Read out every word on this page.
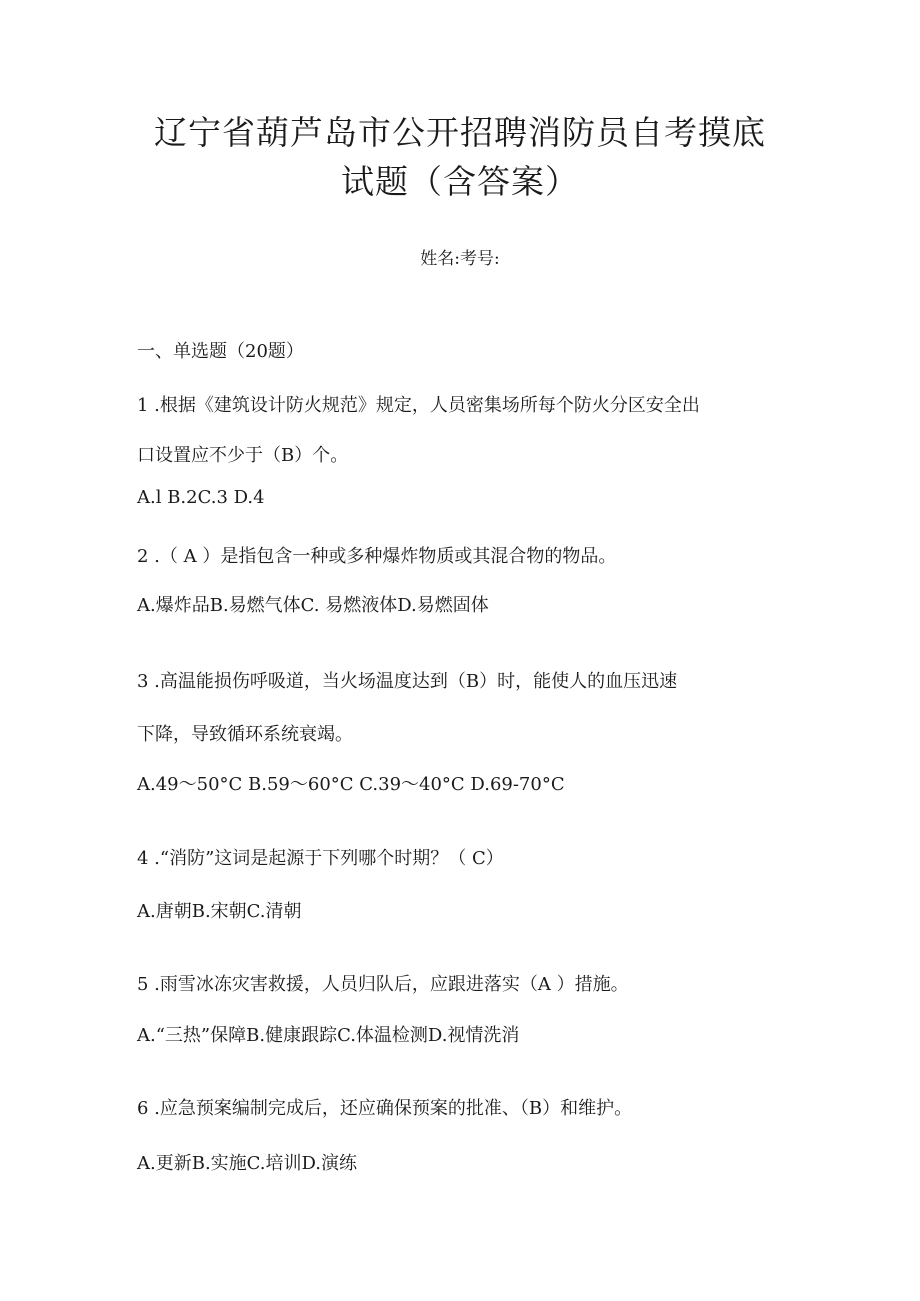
辽宁省葫芦岛市公开招聘消防员自考摸底
试题（含答案）
姓名:考号:
一、单选题（20题）
1 .根据《建筑设计防火规范》规定，人员密集场所每个防火分区安全出
口设置应不少于（B）个。
A.l B.2C.3 D.4
2 .（ A ）是指包含一种或多种爆炸物质或其混合物的物品。
A.爆炸品B.易燃气体C. 易燃液体D.易燃固体
3 .高温能损伤呼吸道，当火场温度达到（B）时，能使人的血压迅速
下降，导致循环系统衰竭。
A.49～50°C B.59～60°C C.39～40°C D.69-70°C
4 .“消防”这词是起源于下列哪个时期？（ C）
A.唐朝B.宋朝C.清朝
5 .雨雪冰冻灾害救援，人员归队后，应跟进落实（A ）措施。
A.“三热”保障B.健康跟踪C.体温检测D.视情洗消
6 .应急预案编制完成后，还应确保预案的批准、（B）和维护。
A.更新B.实施C.培训D.演练
